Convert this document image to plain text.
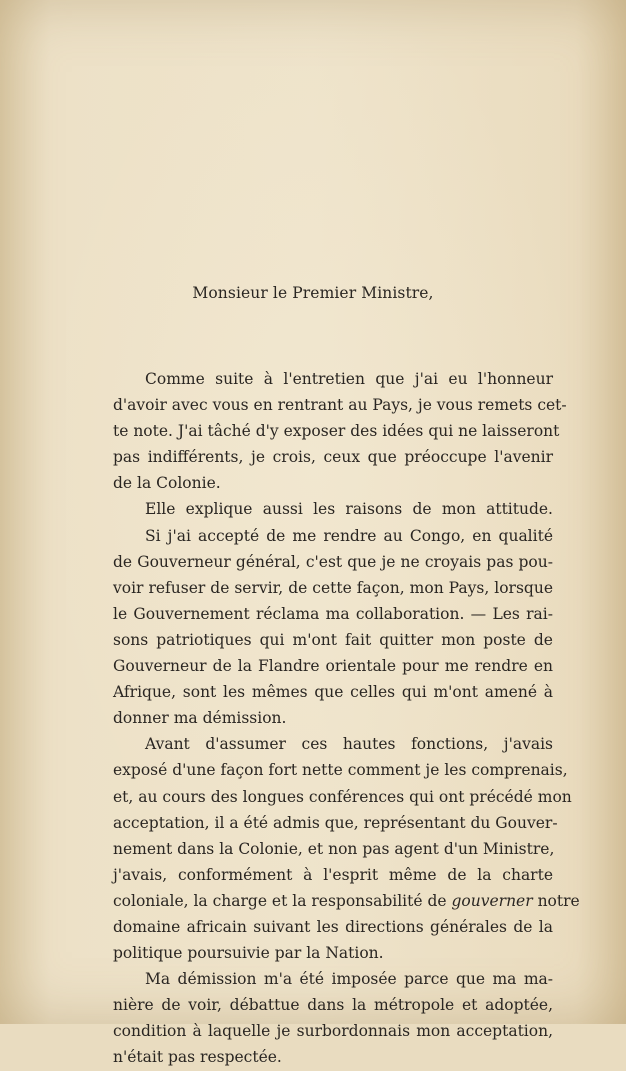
Monsieur le Premier Ministre,
Comme suite à l'entretien que j'ai eu l'honneur
d'avoir avec vous en rentrant au Pays, je vous remets cet-
te note. J'ai tâché d'y exposer des idées qui ne laisseront
pas indifférents, je crois, ceux que préoccupe l'avenir
de la Colonie.
Elle explique aussi les raisons de mon attitude.
Si j'ai accepté de me rendre au Congo, en qualité
de Gouverneur général, c'est que je ne croyais pas pou-
voir refuser de servir, de cette façon, mon Pays, lorsque
le Gouvernement réclama ma collaboration. — Les rai-
sons patriotiques qui m'ont fait quitter mon poste de
Gouverneur de la Flandre orientale pour me rendre en
Afrique, sont les mêmes que celles qui m'ont amené à
donner ma démission.
Avant d'assumer ces hautes fonctions, j'avais
exposé d'une façon fort nette comment je les comprenais,
et, au cours des longues conférences qui ont précédé mon
acceptation, il a été admis que, représentant du Gouver-
nement dans la Colonie, et non pas agent d'un Ministre,
j'avais, conformément à l'esprit même de la charte
coloniale, la charge et la responsabilité de gouverner notre
domaine africain suivant les directions générales de la
politique poursuivie par la Nation.
Ma démission m'a été imposée parce que ma ma-
nière de voir, débattue dans la métropole et adoptée,
condition à laquelle je surbordonnais mon acceptation,
n'était pas respectée.
